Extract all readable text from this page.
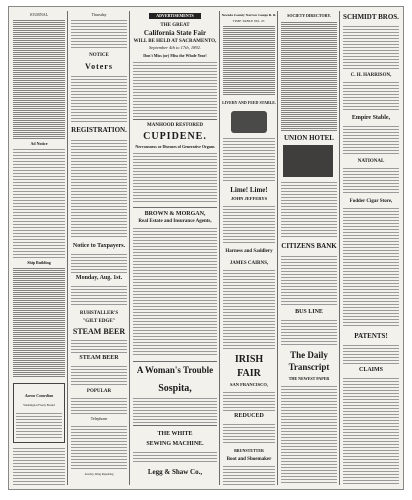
JOURNAL
Ad Notice
Ship Building
Aaron Comedian
Washington Freely Bound
Thursday
NOTICE
Voters
REGISTRATION.
Notice to Taxpayers.
Monday, Aug. 1st.
RUHSTALLER'S
"GILT EDGE"
STEAM BEER
STEAM BEER
POPULAR
Telephone
Jewelry, Ring Repairing
ADVERTISEMENTS
THE GREAT
California State Fair
WILL BE HELD AT SACRAMENTO,
September 4th to 17th, 1892.
Don't Miss (or) Miss the Whole Year!
MANHOOD RESTORED
CUPIDENE.
Nervousness or Diseases of Generative Organs
BROWN & MORGAN,
Real Estate and Insurance Agents,
A Woman's Trouble
Sospita,
THE WHITE
SEWING MACHINE.
Legg & Shaw Co.,
Nevada County Narrow Gauge R. R.
TIME TABLE NO. 47.
LIVERY AND FEED STABLE.
Lime! Lime!
JOHN JEFFERYS
Harness and Saddlery
JAMES CAIRNS,
IRISH
FAIR
SAN FRANCISCO,
REDUCED
BRUNSTETTER
Boot and Shoemaker
SOCIETY DIRECTORY.
UNION HOTEL
CITIZENS BANK
BUS LINE
The Daily
Transcript
THE NEWEST PAPER
SCHMIDT BROS.
C. H. HARRISON,
Empire Stable,
NATIONAL
Fodder Cigar Store,
PATENTS!
CLAIMS
